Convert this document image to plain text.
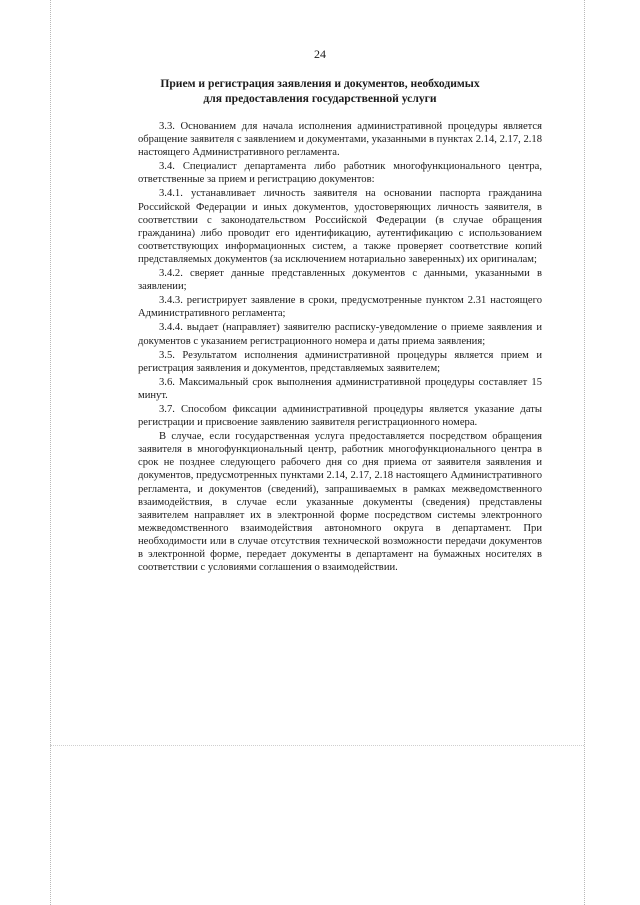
24
Прием и регистрация заявления и документов, необходимых
для предоставления государственной услуги

3.3. Основанием для начала исполнения административной процедуры является обращение заявителя с заявлением и документами, указанными в пунктах 2.14, 2.17, 2.18 настоящего Административного регламента.

3.4. Специалист департамента либо работник многофункционального центра, ответственные за прием и регистрацию документов:

3.4.1. устанавливает личность заявителя на основании паспорта гражданина Российской Федерации и иных документов, удостоверяющих личность заявителя, в соответствии с законодательством Российской Федерации (в случае обращения гражданина) либо проводит его идентификацию, аутентификацию с использованием соответствующих информационных систем, а также проверяет соответствие копий представляемых документов (за исключением нотариально заверенных) их оригиналам;

3.4.2. сверяет данные представленных документов с данными, указанными в заявлении;

3.4.3. регистрирует заявление в сроки, предусмотренные пунктом 2.31 настоящего Административного регламента;

3.4.4. выдает (направляет) заявителю расписку-уведомление о приеме заявления и документов с указанием регистрационного номера и даты приема заявления;

3.5. Результатом исполнения административной процедуры является прием и регистрация заявления и документов, представляемых заявителем;

3.6. Максимальный срок выполнения административной процедуры составляет 15 минут.

3.7. Способом фиксации административной процедуры является указание даты регистрации и присвоение заявлению заявителя регистрационного номера.

В случае, если государственная услуга предоставляется посредством обращения заявителя в многофункциональный центр, работник многофункционального центра в срок не позднее следующего рабочего дня со дня приема от заявителя заявления и документов, предусмотренных пунктами 2.14, 2.17, 2.18 настоящего Административного регламента, и документов (сведений), запрашиваемых в рамках межведомственного взаимодействия, в случае если указанные документы (сведения) представлены заявителем направляет их в электронной форме посредством системы электронного межведомственного взаимодействия автономного округа в департамент. При необходимости или в случае отсутствия технической возможности передачи документов в электронной форме, передает документы в департамент на бумажных носителях в соответствии с условиями соглашения о взаимодействии.
